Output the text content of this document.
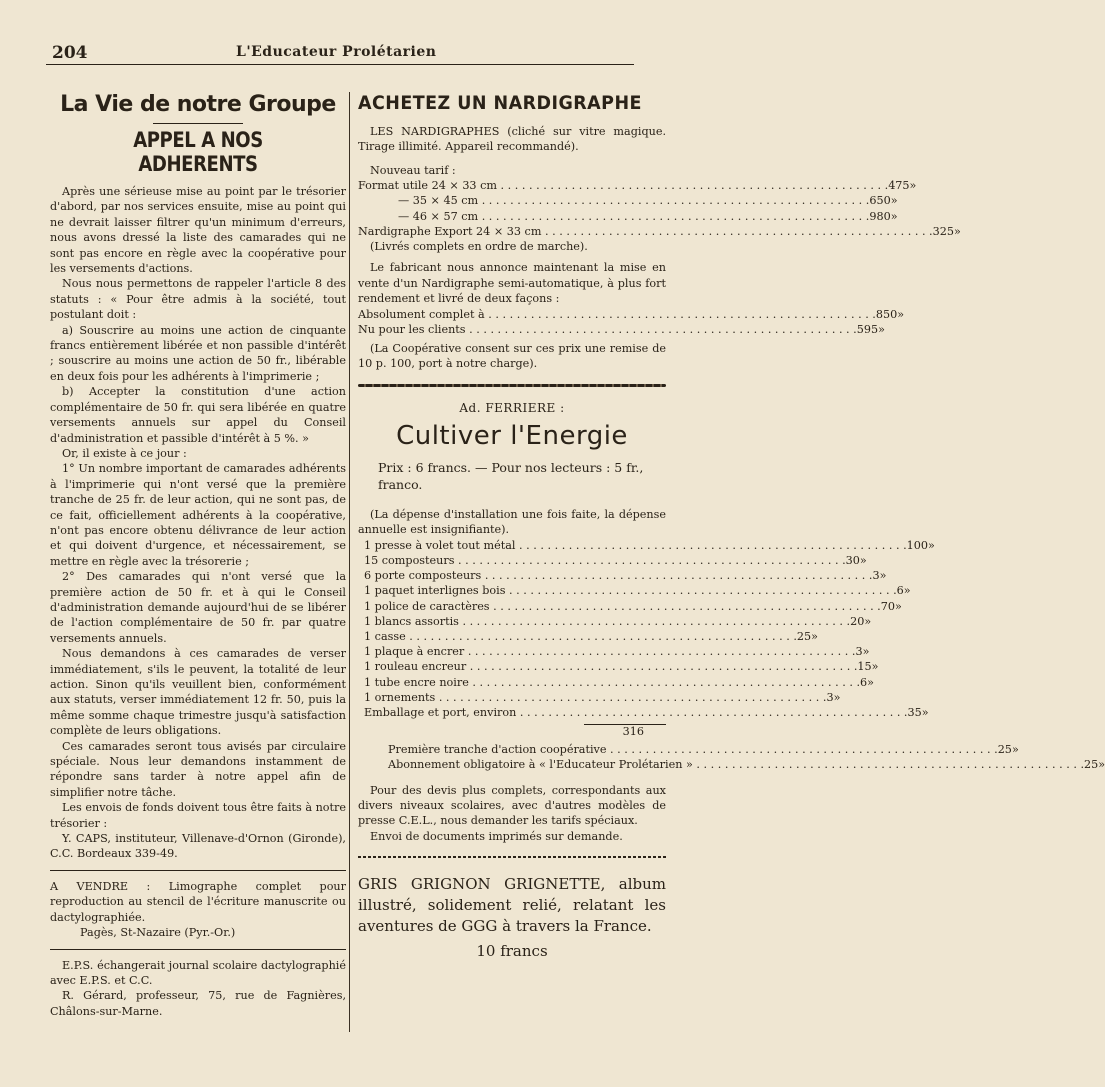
204	L'Educateur Prolétarien
La Vie de notre Groupe
APPEL A NOS ADHERENTS

Après une sérieuse mise au point par le trésorier d'abord, par nos services ensuite, mise au point qui ne devrait laisser filtrer qu'un minimum d'erreurs, nous avons dressé la liste des camarades qui ne sont pas encore en règle avec la coopérative pour les versements d'actions.

Nous nous permettons de rappeler l'article 8 des statuts : « Pour être admis à la société, tout postulant doit :

a) Souscrire au moins une action de cinquante francs entièrement libérée et non passible d'intérêt ; souscrire au moins une action de 50 fr., libérable en deux fois pour les adhérents à l'imprimerie ;

b) Accepter la constitution d'une action complémentaire de 50 fr. qui sera libérée en quatre versements annuels sur appel du Conseil d'administration et passible d'intérêt à 5 %. »

Or, il existe à ce jour :

1° Un nombre important de camarades adhérents à l'imprimerie qui n'ont versé que la première tranche de 25 fr. de leur action, qui ne sont pas, de ce fait, officiellement adhérents à la coopérative, n'ont pas encore obtenu délivrance de leur action et qui doivent d'urgence, et nécessairement, se mettre en règle avec la trésorerie ;

2° Des camarades qui n'ont versé que la première action de 50 fr. et à qui le Conseil d'administration demande aujourd'hui de se libérer de l'action complémentaire de 50 fr. par quatre versements annuels.

Nous demandons à ces camarades de verser immédiatement, s'ils le peuvent, la totalité de leur action. Sinon qu'ils veuillent bien, conformément aux statuts, verser immédiatement 12 fr. 50, puis la même somme chaque trimestre jusqu'à satisfaction complète de leurs obligations.

Ces camarades seront tous avisés par circulaire spéciale. Nous leur demandons instamment de répondre sans tarder à notre appel afin de simplifier notre tâche.

Les envois de fonds doivent tous être faits à notre trésorier :

Y. CAPS, instituteur, Villenave-d'Ornon (Gironde), C.C. Bordeaux 339-49.

A VENDRE : Limographe complet pour reproduction au stencil de l'écriture manuscrite ou dactylographiée.

Pagès, St-Nazaire (Pyr.-Or.)

E.P.S. échangerait journal scolaire dactylographié avec E.P.S. et C.C.

R. Gérard, professeur, 75, rue de Fagnières, Châlons-sur-Marne.

ACHETEZ UN NARDIGRAPHE

LES NARDIGRAPHES (cliché sur vitre magique. Tirage illimité. Appareil recommandé).

Nouveau tarif :

Format utile 24 × 33 cm . . .	475 »
— 35 × 45 cm . . .	650 »
— 46 × 57 cm . . .	980 »
Nardigraphe Export 24 × 33 cm . . .	325 »

(Livrés complets en ordre de marche).

Le fabricant nous annonce maintenant la mise en vente d'un Nardigraphe semi-automatique, à plus fort rendement et livré de deux façons :

Absolument complet à . . .	850 »
Nu pour les clients . . .	595 »

(La Coopérative consent sur ces prix une remise de 10 p. 100, port à notre charge).

Ad. FERRIERE :
Cultiver l'Energie

Prix : 6 francs. — Pour nos lecteurs : 5 fr., franco.

(La dépense d'installation une fois faite, la dépense annuelle est insignifiante).

1 presse à volet tout métal . . .	100 »
15 composteurs . . .	30 »
6 porte composteurs . . .	3 »
1 paquet interlignes bois . . .	6 »
1 police de caractères . . .	70 »
1 blancs assortis . . .	20 »
1 casse . . .	25 »
1 plaque à encrer . . .	3 »
1 rouleau encreur . . .	15 »
1 tube encre noire . . .	6 »
1 ornements . . .	3 »
Emballage et port, environ . . .	35 »
316
Première tranche d'action coopérative . . .	25 »
Abonnement obligatoire à « l'Educateur Prolétarien » . . .	25 »

Pour des devis plus complets, correspondants aux divers niveaux scolaires, avec d'autres modèles de presse C.E.L., nous demander les tarifs spéciaux.

Envoi de documents imprimés sur demande.

GRIS GRIGNON GRIGNETTE, album illustré, solidement relié, relatant les aventures de GGG à travers la France.
10 francs
